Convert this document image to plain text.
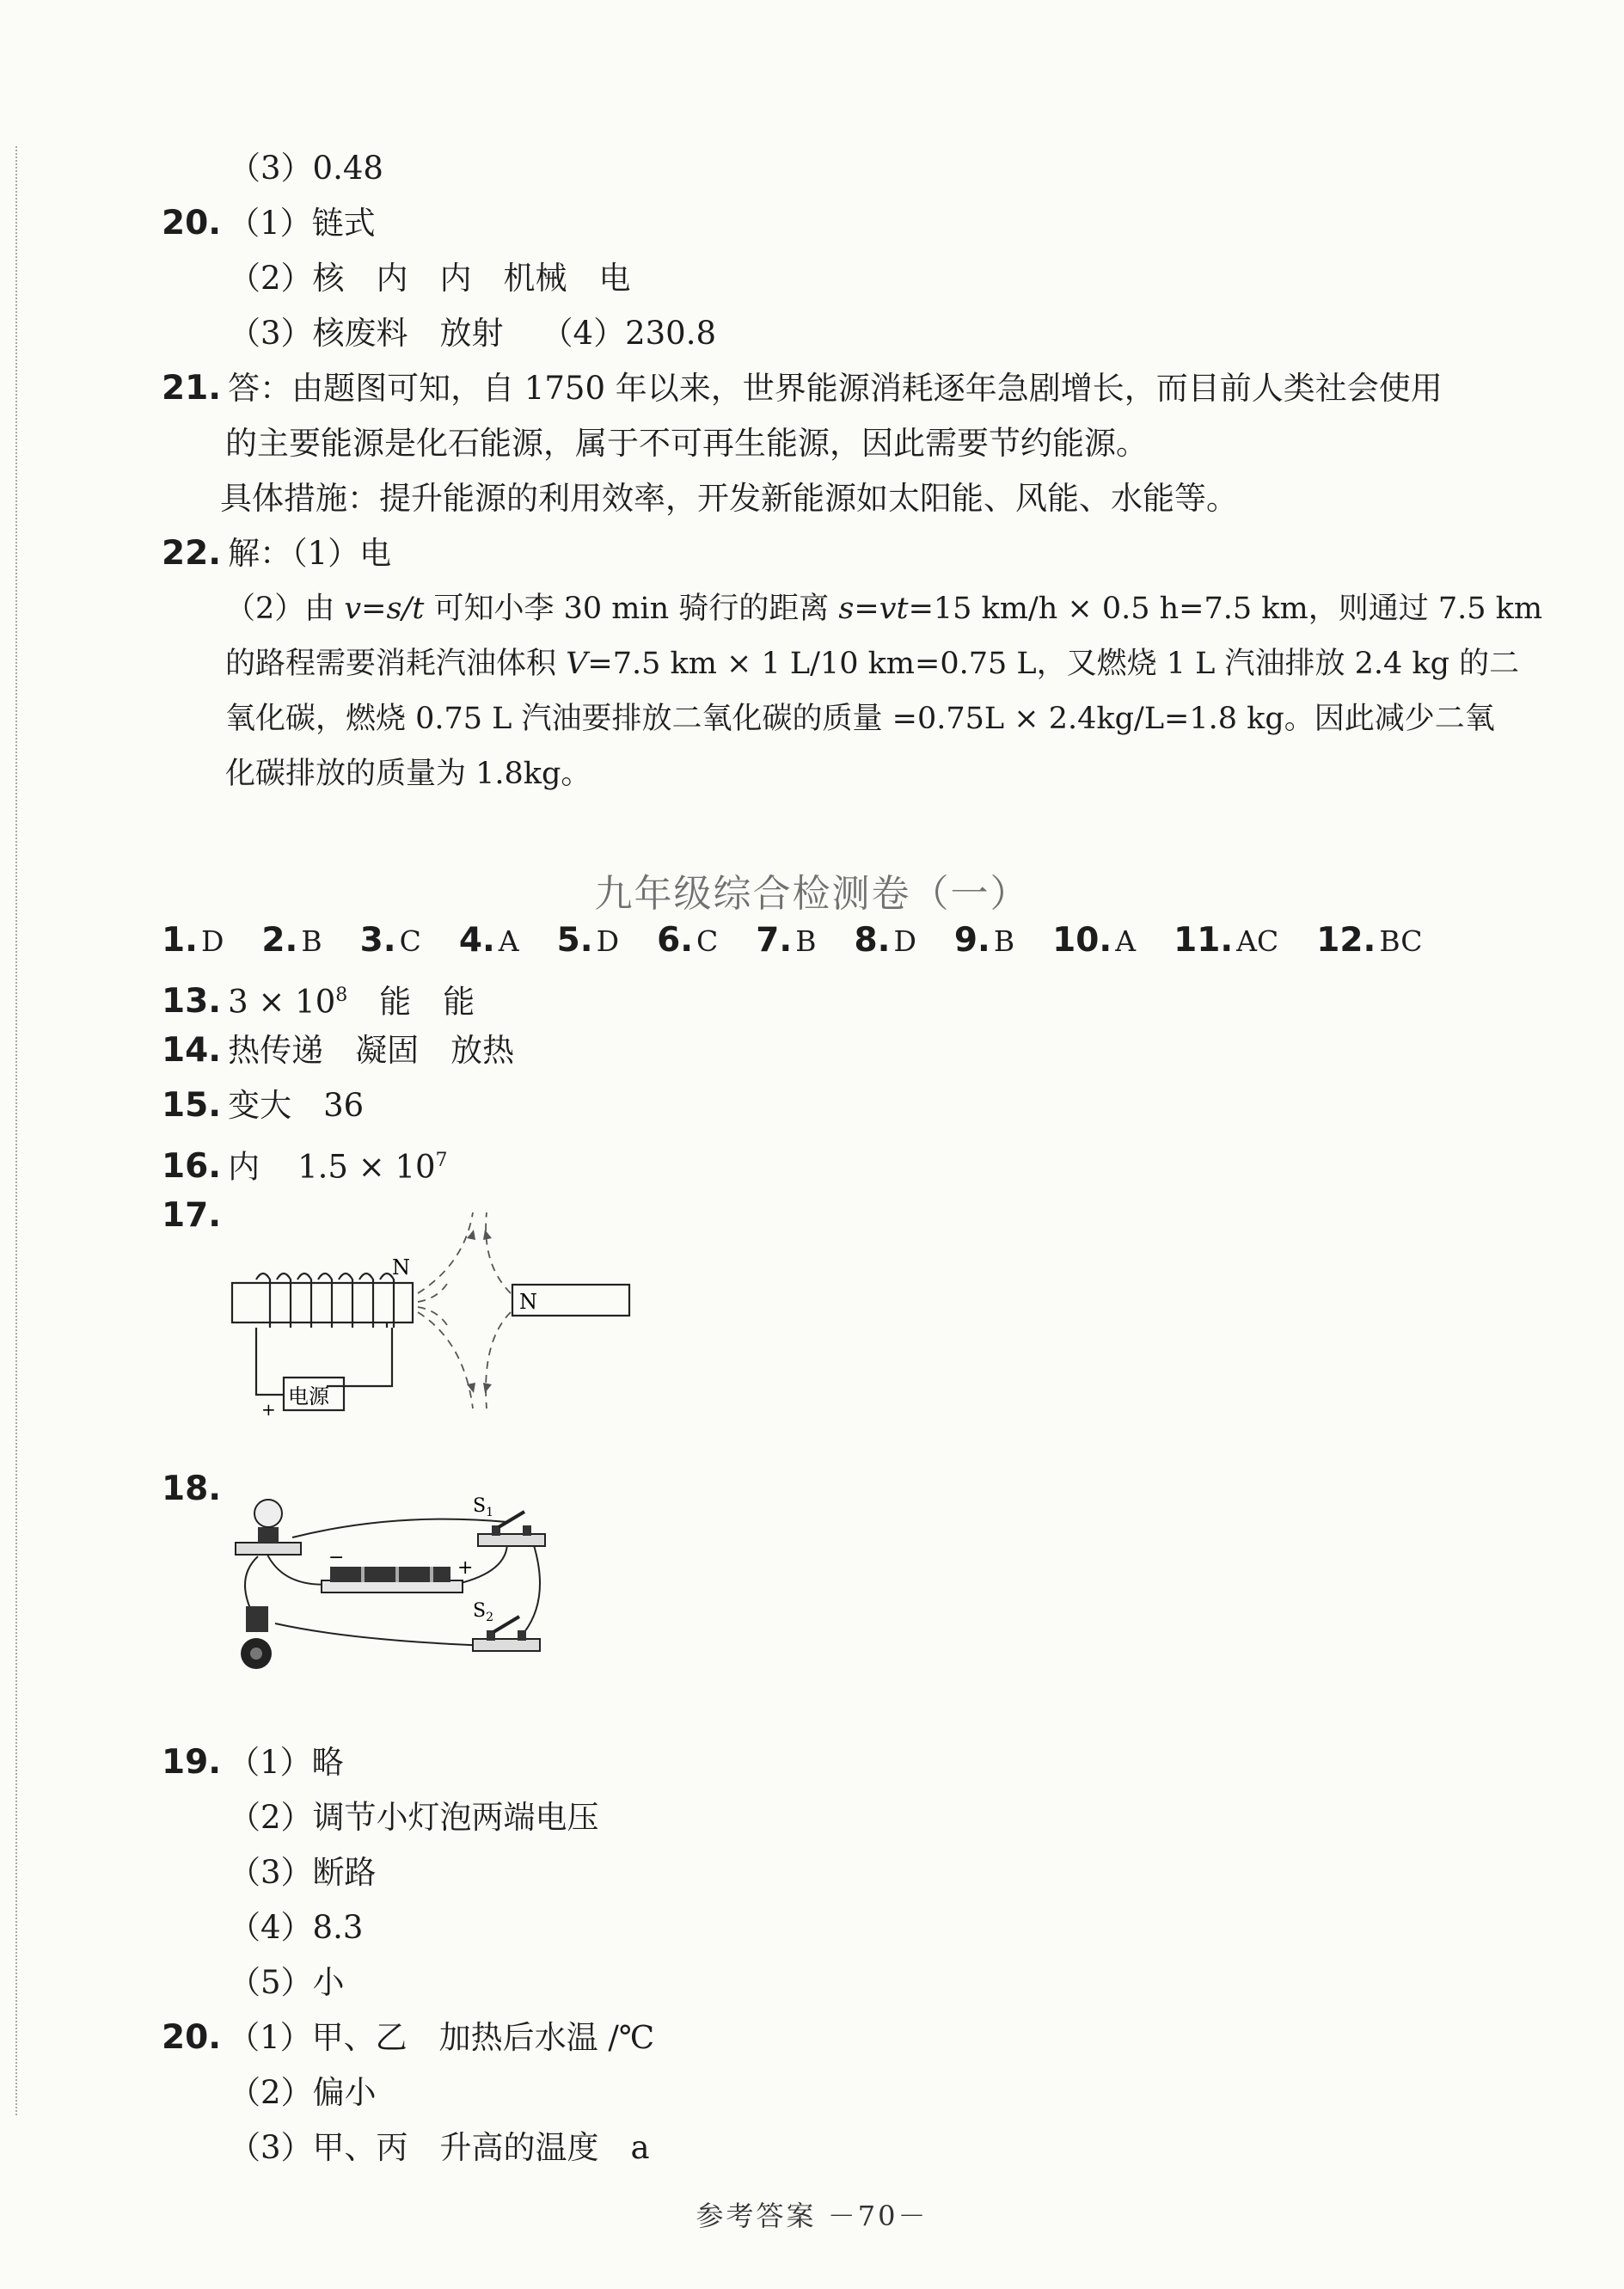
（3）0.48
20. （1）链式
（2）核　内　内　机械　电
（3）核废料　放射 （4）230.8
21. 答：由题图可知，自 1750 年以来，世界能源消耗逐年急剧增长，而目前人类社会使用
的主要能源是化石能源，属于不可再生能源，因此需要节约能源。
具体措施：提升能源的利用效率，开发新能源如太阳能、风能、水能等。
22. 解：（1）电
（2）由 v=s/t 可知小李 30 min 骑行的距离 s=vt=15 km/h × 0.5 h=7.5 km，则通过 7.5 km
的路程需要消耗汽油体积 V=7.5 km × 1 L/10 km=0.75 L，又燃烧 1 L 汽油排放 2.4 kg 的二
氧化碳，燃烧 0.75 L 汽油要排放二氧化碳的质量 =0.75L × 2.4kg/L=1.8 kg。因此减少二氧
化碳排放的质量为 1.8kg。
九年级综合检测卷（一）
1. D 2. B 3. C 4. A 5. D 6. C 7. B 8. D 9. B 10. A 11. AC 12. BC
13. $3 \times 10^8$　能　能
14. 热传递　凝固　放热
15. 变大　36
16. 内 $1.5 \times 10^7$
17.
N
N
电源
+
18.
−	+
$S_1$
$S_2$
19. （1）略
（2）调节小灯泡两端电压
（3）断路
（4）8.3
（5）小
20. （1）甲、乙　加热后水温 /℃
（2）偏小
（3）甲、丙　升高的温度　a
参考答案 －70－
